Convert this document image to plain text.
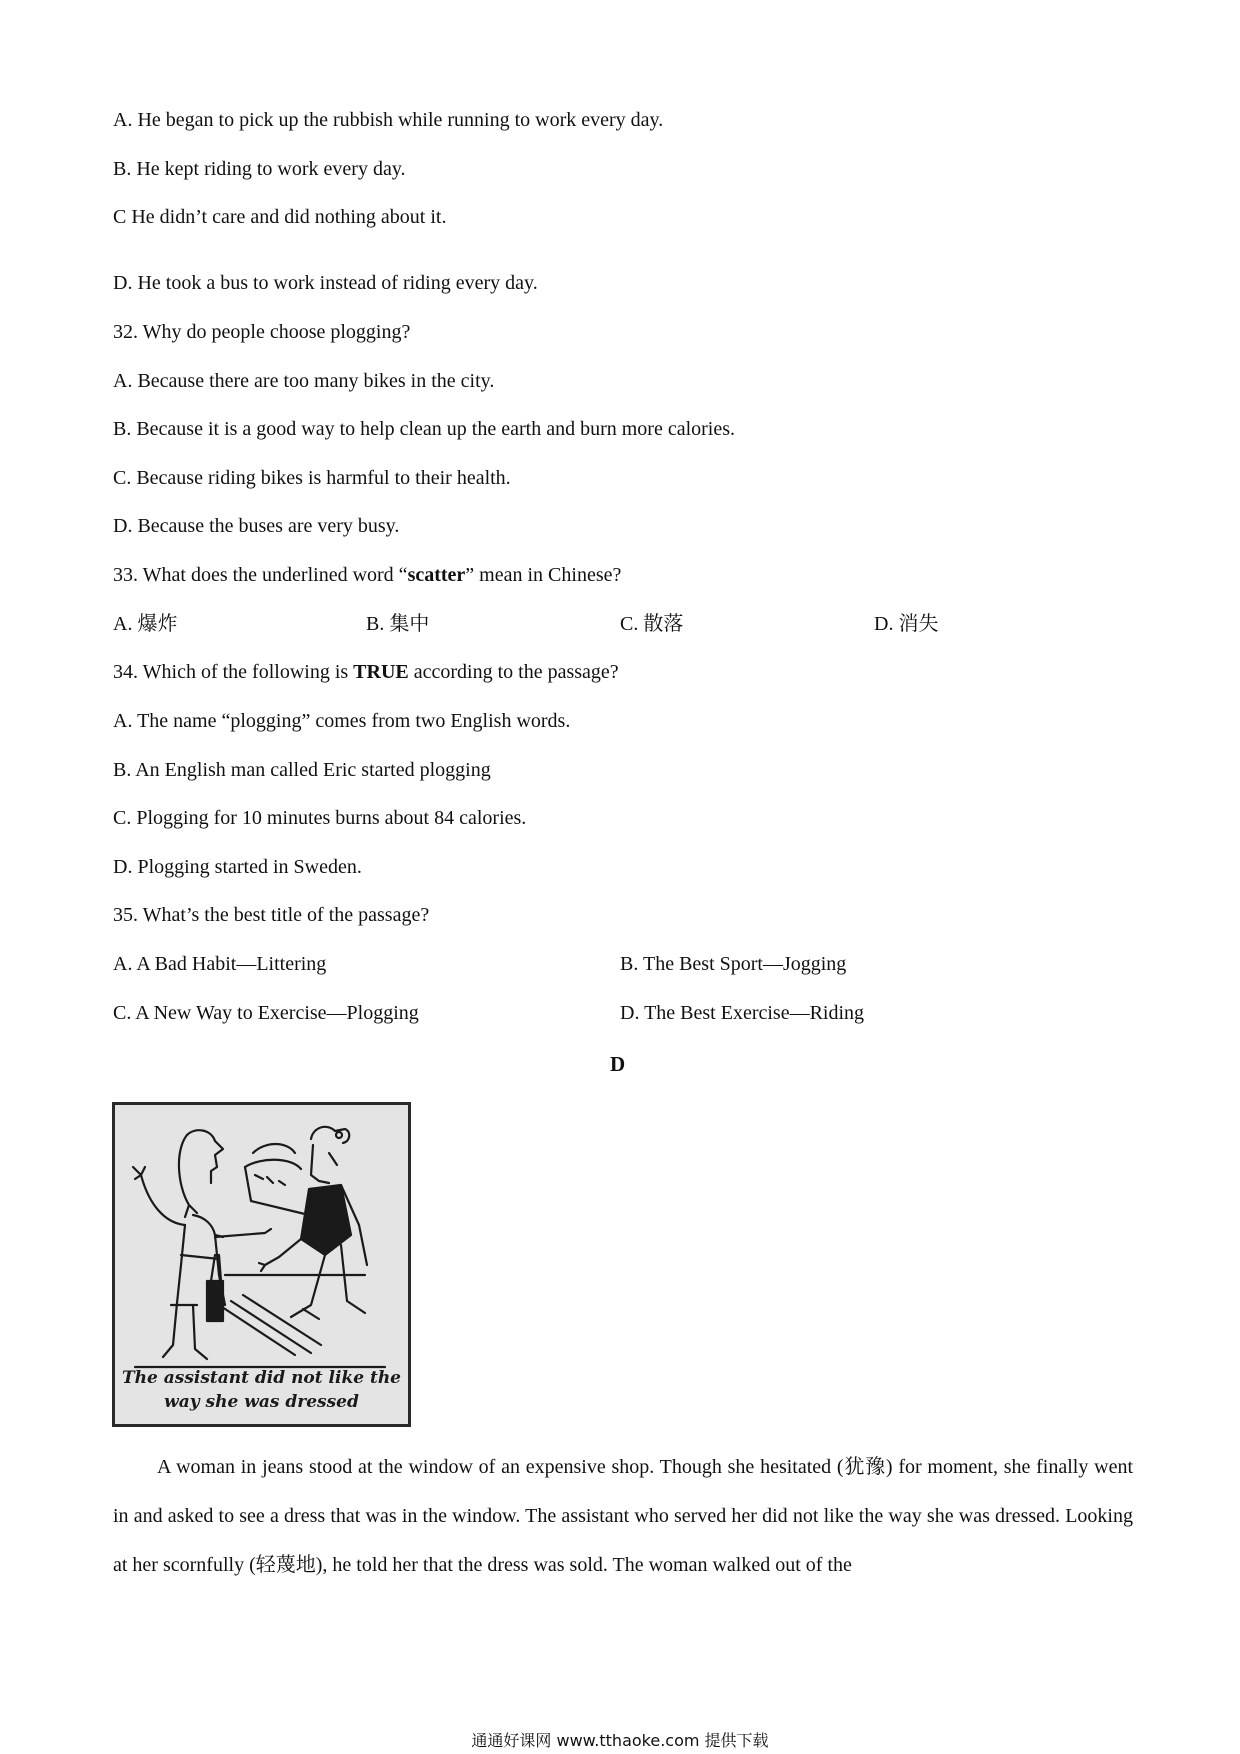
A. He began to pick up the rubbish while running to work every day.
B. He kept riding to work every day.
C He didn’t care and did nothing about it.
D. He took a bus to work instead of riding every day.
32. Why do people choose plogging?
A. Because there are too many bikes in the city.
B. Because it is a good way to help clean up the earth and burn more calories.
C. Because riding bikes is harmful to their health.
D. Because the buses are very busy.
33. What does the underlined word “scatter” mean in Chinese?
A. 爆炸	B. 集中	C. 散落	D. 消失
34. Which of the following is TRUE according to the passage?
A. The name “plogging” comes from two English words.
B. An English man called Eric started plogging
C. Plogging for 10 minutes burns about 84 calories.
D. Plogging started in Sweden.
35. What’s the best title of the passage?
A. A Bad Habit—Littering	B. The Best Sport—Jogging
C. A New Way to Exercise—Plogging	D. The Best Exercise—Riding
D
The assistant did not like the
way she was dressed

A woman in jeans stood at the window of an expensive shop. Though she hesitated (犹豫) for moment, she finally went in and asked to see a dress that was in the window. The assistant who served her did not like the way she was dressed. Looking at her scornfully (轻蔑地), he told her that the dress was sold. The woman walked out of the

通通好课网 www.tthaoke.com 提供下载
